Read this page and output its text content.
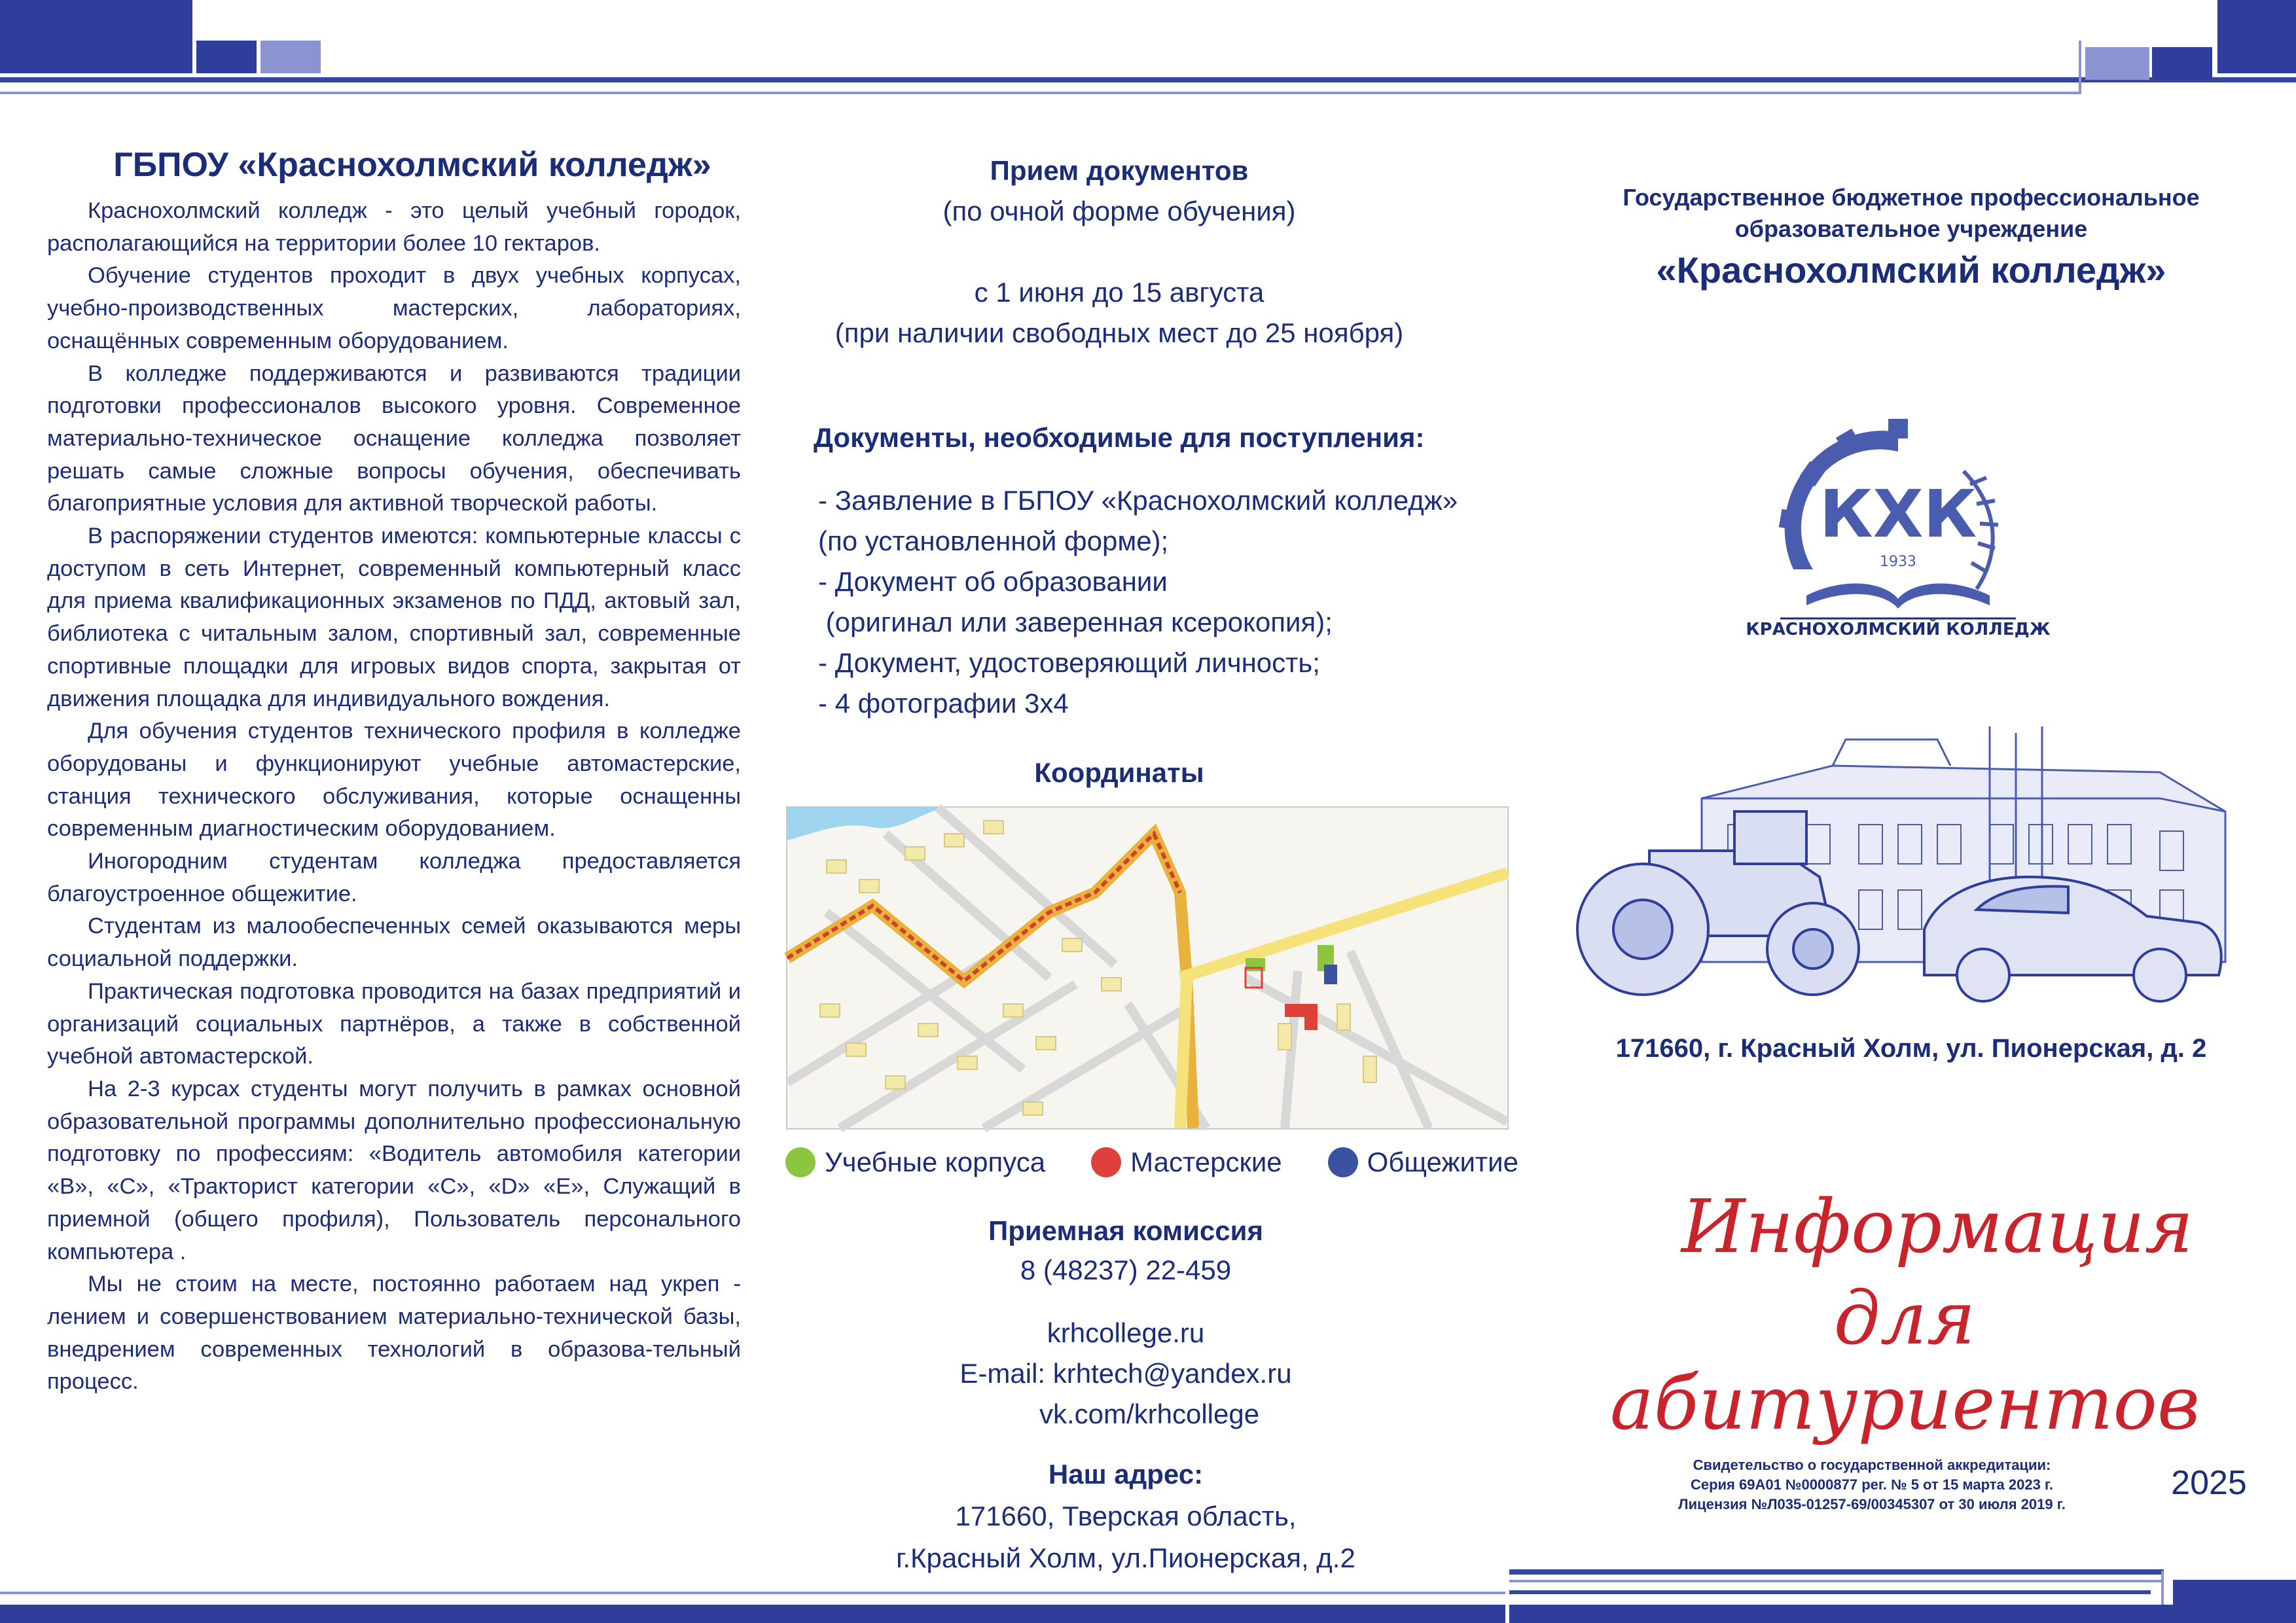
ГБПОУ «Краснохолмский колледж»

Краснохолмский колледж - это целый учебный городок, располагающийся на территории более 10 гектаров.

Обучение студентов проходит в двух учебных корпусах, учебно-производственных мастерских, лабораториях, оснащённых современным оборудованием.

В колледже поддерживаются и развиваются традиции подготовки профессионалов высокого уровня. Современное материально-техническое оснащение колледжа позволяет решать самые сложные вопросы обучения, обеспечивать благоприятные условия для активной творческой работы.

В распоряжении студентов имеются: компьютерные классы с доступом в сеть Интернет, современный компьютерный класс для приема квалификационных экзаменов по ПДД, актовый зал, библиотека с читальным залом, спортивный зал, современные спортивные площадки для игровых видов спорта, закрытая от движения площадка для индивидуального вождения.

Для обучения студентов технического профиля в колледже оборудованы и функционируют учебные автомастерские, станция технического обслуживания, которые оснащенны современным диагностическим оборудованием.

Иногородним студентам колледжа предоставляется благоустроенное общежитие.

Студентам из малообеспеченных семей оказываются меры социальной поддержки.

Практическая подготовка проводится на базах предприятий и организаций социальных партнёров, а также в собственной учебной автомастерской.

На 2-3 курсах студенты могут получить в рамках основной образовательной программы дополнительно профессиональную подготовку по профессиям: «Водитель автомобиля категории «В», «С», «Тракторист категории «С», «D» «E», Служащий в приемной (общего профиля), Пользователь персонального компьютера .

Мы не стоим на месте, постоянно работаем над укреп - лением и совершенствованием материально-технической базы, внедрением современных технологий в образова-тельный процесс.

Прием документов
(по очной форме обучения)
с 1 июня до 15 августа
(при наличии свободных мест до 25 ноября)
Документы, необходимые для поступления:
- Заявление в ГБПОУ «Краснохолмский колледж»
(по установленной форме);
- Документ об образовании
(оригинал или заверенная ксерокопия);
- Документ, удостоверяющий личность;
- 4 фотографии 3х4
Координаты
Учебные корпуса	Мастерские	Общежитие
Приемная комиссия
8 (48237) 22-459
krhcollege.ru
E-mail: krhtech@yandex.ru
vk.com/krhcollege
Наш адрес:
171660, Тверская область,
г.Красный Холм, ул.Пионерская, д.2
Государственное бюджетное профессиональное
образовательное учреждение
«Краснохолмский колледж»
КХК
1933
КРАСНОХОЛМСКИЙ КОЛЛЕДЖ
171660, г. Красный Холм, ул. Пионерская, д. 2
Информация
для абитуриентов
Свидетельство о государственной аккредитации:
Серия 69А01 №0000877 рег. № 5 от 15 марта 2023 г.
Лицензия №Л035-01257-69/00345307 от 30 июля 2019 г.
2025
